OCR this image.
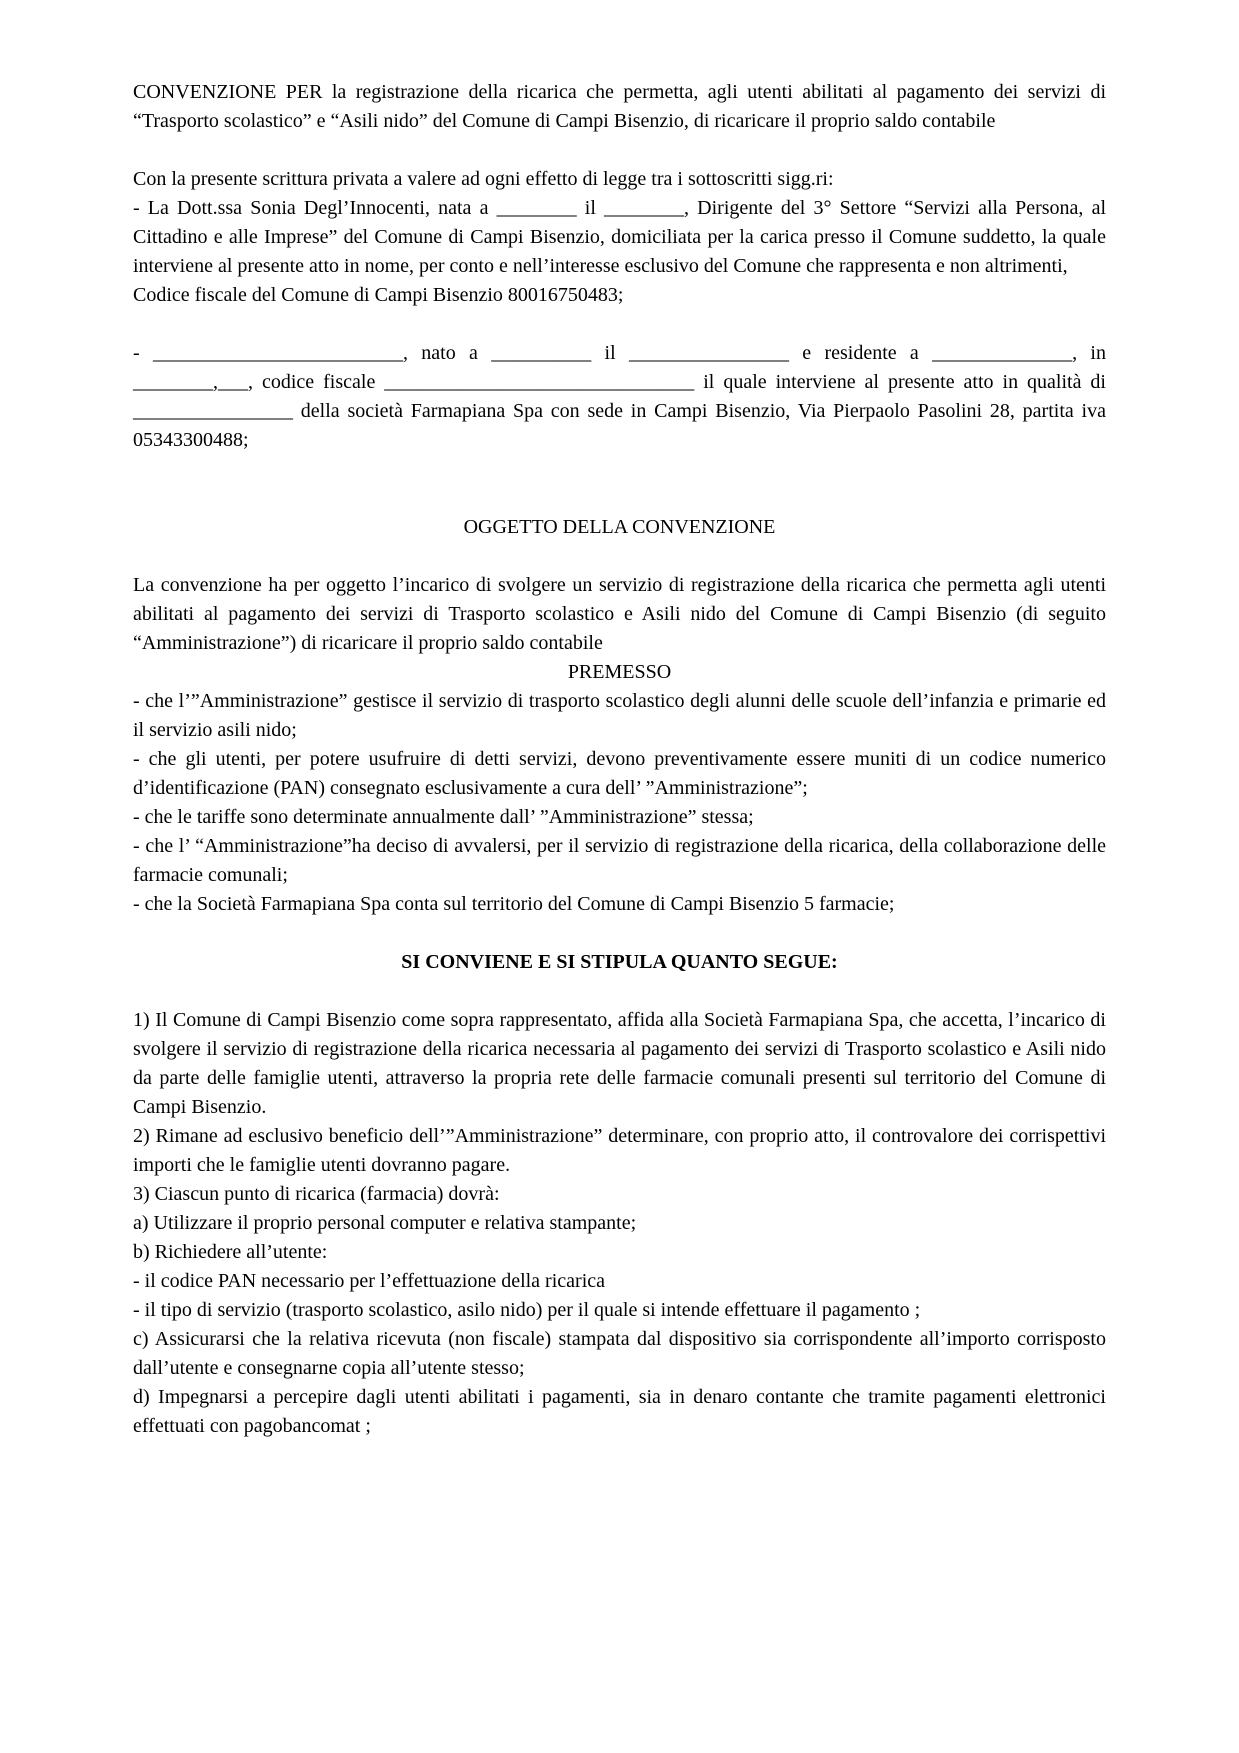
CONVENZIONE PER la registrazione della ricarica che permetta, agli utenti abilitati al pagamento dei servizi di “Trasporto scolastico” e “Asili nido” del Comune di Campi Bisenzio, di ricaricare il proprio saldo contabile

Con la presente scrittura privata a valere ad ogni effetto di legge tra i sottoscritti sigg.ri:

- La Dott.ssa Sonia Degl’Innocenti, nata a ________ il ________, Dirigente del 3° Settore “Servizi alla Persona, al Cittadino e alle Imprese” del Comune di Campi Bisenzio, domiciliata per la carica presso il Comune suddetto, la quale interviene al presente atto in nome, per conto e nell’interesse esclusivo del Comune che rappresenta e non altrimenti,

Codice fiscale del Comune di Campi Bisenzio 80016750483;

- _________________________, nato a __________ il ________________ e residente a ______________, in ________,___, codice fiscale _______________________________ il quale interviene al presente atto in qualità di ________________ della società Farmapiana Spa con sede in Campi Bisenzio, Via Pierpaolo Pasolini 28, partita iva 05343300488;

OGGETTO DELLA CONVENZIONE

La convenzione ha per oggetto l’incarico di svolgere un servizio di registrazione della ricarica che permetta agli utenti abilitati al pagamento dei servizi di Trasporto scolastico e Asili nido del Comune di Campi Bisenzio (di seguito “Amministrazione”) di ricaricare il proprio saldo contabile

PREMESSO

- che l’”Amministrazione” gestisce il servizio di trasporto scolastico degli alunni delle scuole dell’infanzia e primarie ed il servizio asili nido;

- che gli utenti, per potere usufruire di detti servizi, devono preventivamente essere muniti di un codice numerico d’identificazione (PAN) consegnato esclusivamente a cura dell’ ”Amministrazione”;

- che le tariffe sono determinate annualmente dall’ ”Amministrazione” stessa;

- che l’ “Amministrazione”ha deciso di avvalersi, per il servizio di registrazione della ricarica, della collaborazione delle farmacie comunali;

- che la Società Farmapiana Spa conta sul territorio del Comune di Campi Bisenzio 5 farmacie;

SI CONVIENE E SI STIPULA QUANTO SEGUE:

1) Il Comune di Campi Bisenzio come sopra rappresentato, affida alla Società Farmapiana Spa, che accetta, l’incarico di svolgere il servizio di registrazione della ricarica necessaria al pagamento dei servizi di Trasporto scolastico e Asili nido da parte delle famiglie utenti, attraverso la propria rete delle farmacie comunali presenti sul territorio del Comune di Campi Bisenzio.

2) Rimane ad esclusivo beneficio dell’”Amministrazione” determinare, con proprio atto, il controvalore dei corrispettivi importi che le famiglie utenti dovranno pagare.

3) Ciascun punto di ricarica (farmacia) dovrà:

a) Utilizzare il proprio personal computer e relativa stampante;

b) Richiedere all’utente:

- il codice PAN necessario per l’effettuazione della ricarica

- il tipo di servizio (trasporto scolastico, asilo nido) per il quale si intende effettuare il pagamento ;

c) Assicurarsi che la relativa ricevuta (non fiscale) stampata dal dispositivo sia corrispondente all’importo corrisposto dall’utente e consegnarne copia all’utente stesso;

d) Impegnarsi a percepire dagli utenti abilitati i pagamenti, sia in denaro contante che tramite pagamenti elettronici effettuati con pagobancomat ;
